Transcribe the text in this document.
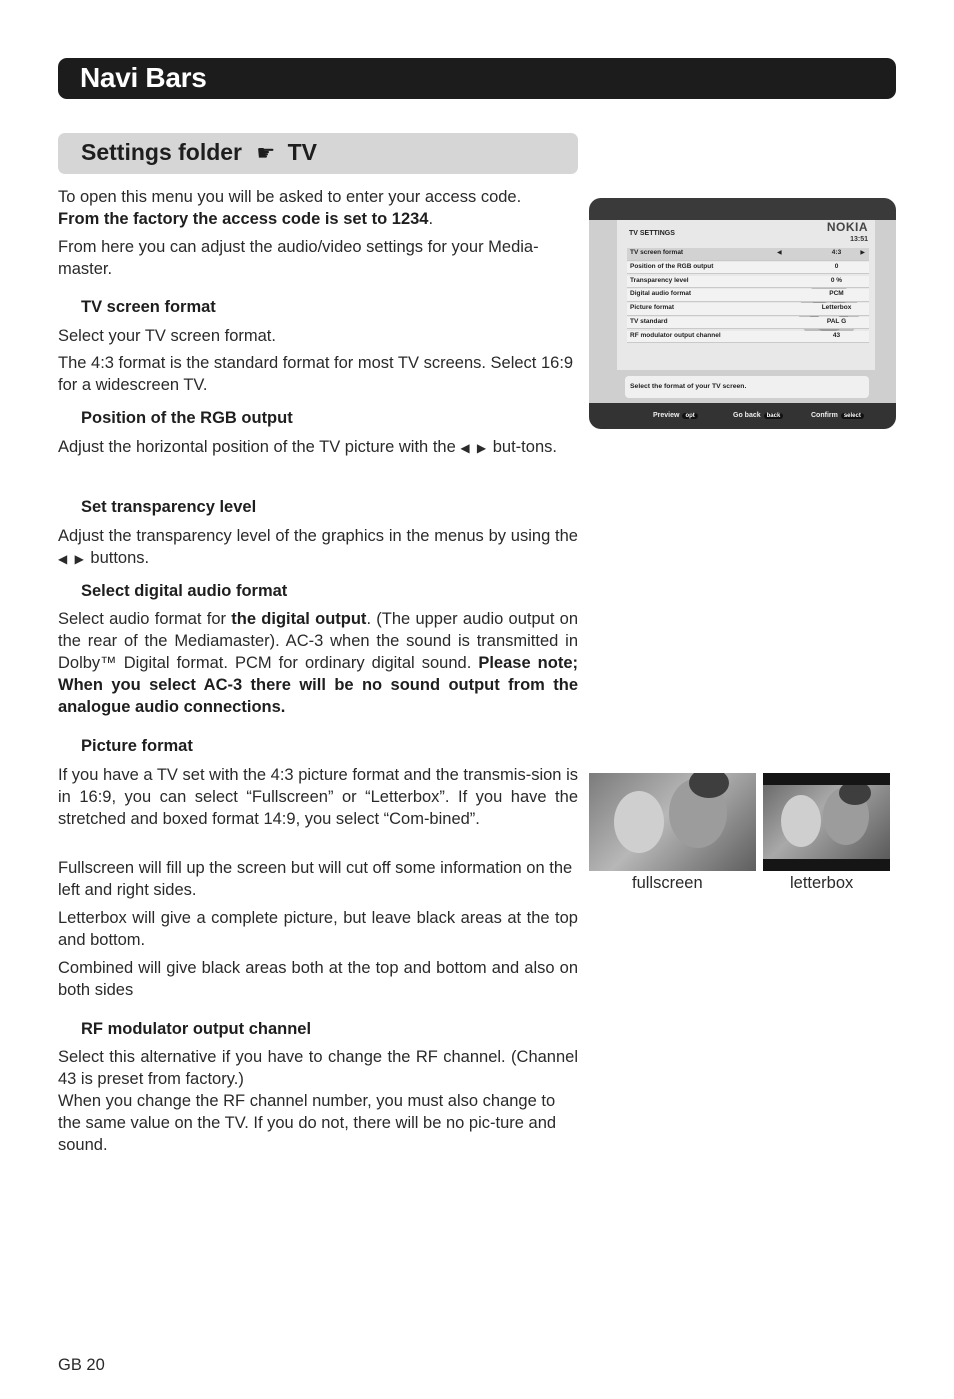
Navi Bars
Settings folder ☛ TV

To open this menu you will be asked to enter your access code.
From the factory the access code is set to 1234.

From here you can adjust the audio/video settings for your Media-master.

TV screen format
Select your TV screen format.
The 4:3 format is the standard format for most TV screens. Select 16:9 for a widescreen TV.
Position of the RGB output
Adjust the horizontal position of the TV picture with the ◀ ▶ but-tons.
Set transparency level
Adjust the transparency level of the graphics in the menus by using the ◀ ▶ buttons.
Select digital audio format
Select audio format for the digital output. (The upper audio output on the rear of the Mediamaster). AC-3 when the sound is transmitted in Dolby™ Digital format. PCM for ordinary digital sound. Please note; When you select AC-3 there will be no sound output from the analogue audio connections.
Picture format
If you have a TV set with the 4:3 picture format and the transmis-sion is in 16:9, you can select “Fullscreen” or “Letterbox”. If you have the stretched and boxed format 14:9, you select “Com-bined”.
Fullscreen will fill up the screen but will cut off some information on the left and right sides.
Letterbox will give a complete picture, but leave black areas at the top and bottom.
Combined will give black areas both at the top and bottom and also on both sides
RF modulator output channel
Select this alternative if you have to change the RF channel. (Channel 43 is preset from factory.)
When you change the RF channel number, you must also change to the same value on the TV. If you do not, there will be no pic-ture and sound.
NOKIA
13:51
TV SETTINGS
TV screen format	◀	4:3	▶
Position of the RGB output	0
Transparency level	0 %
Digital audio format	PCM
Picture format	Letterbox
TV standard	PAL G
RF modulator output channel	43
Select the format of your TV screen.
Preview opt	Go back back	Confirm select
fullscreen	letterbox
GB 20
